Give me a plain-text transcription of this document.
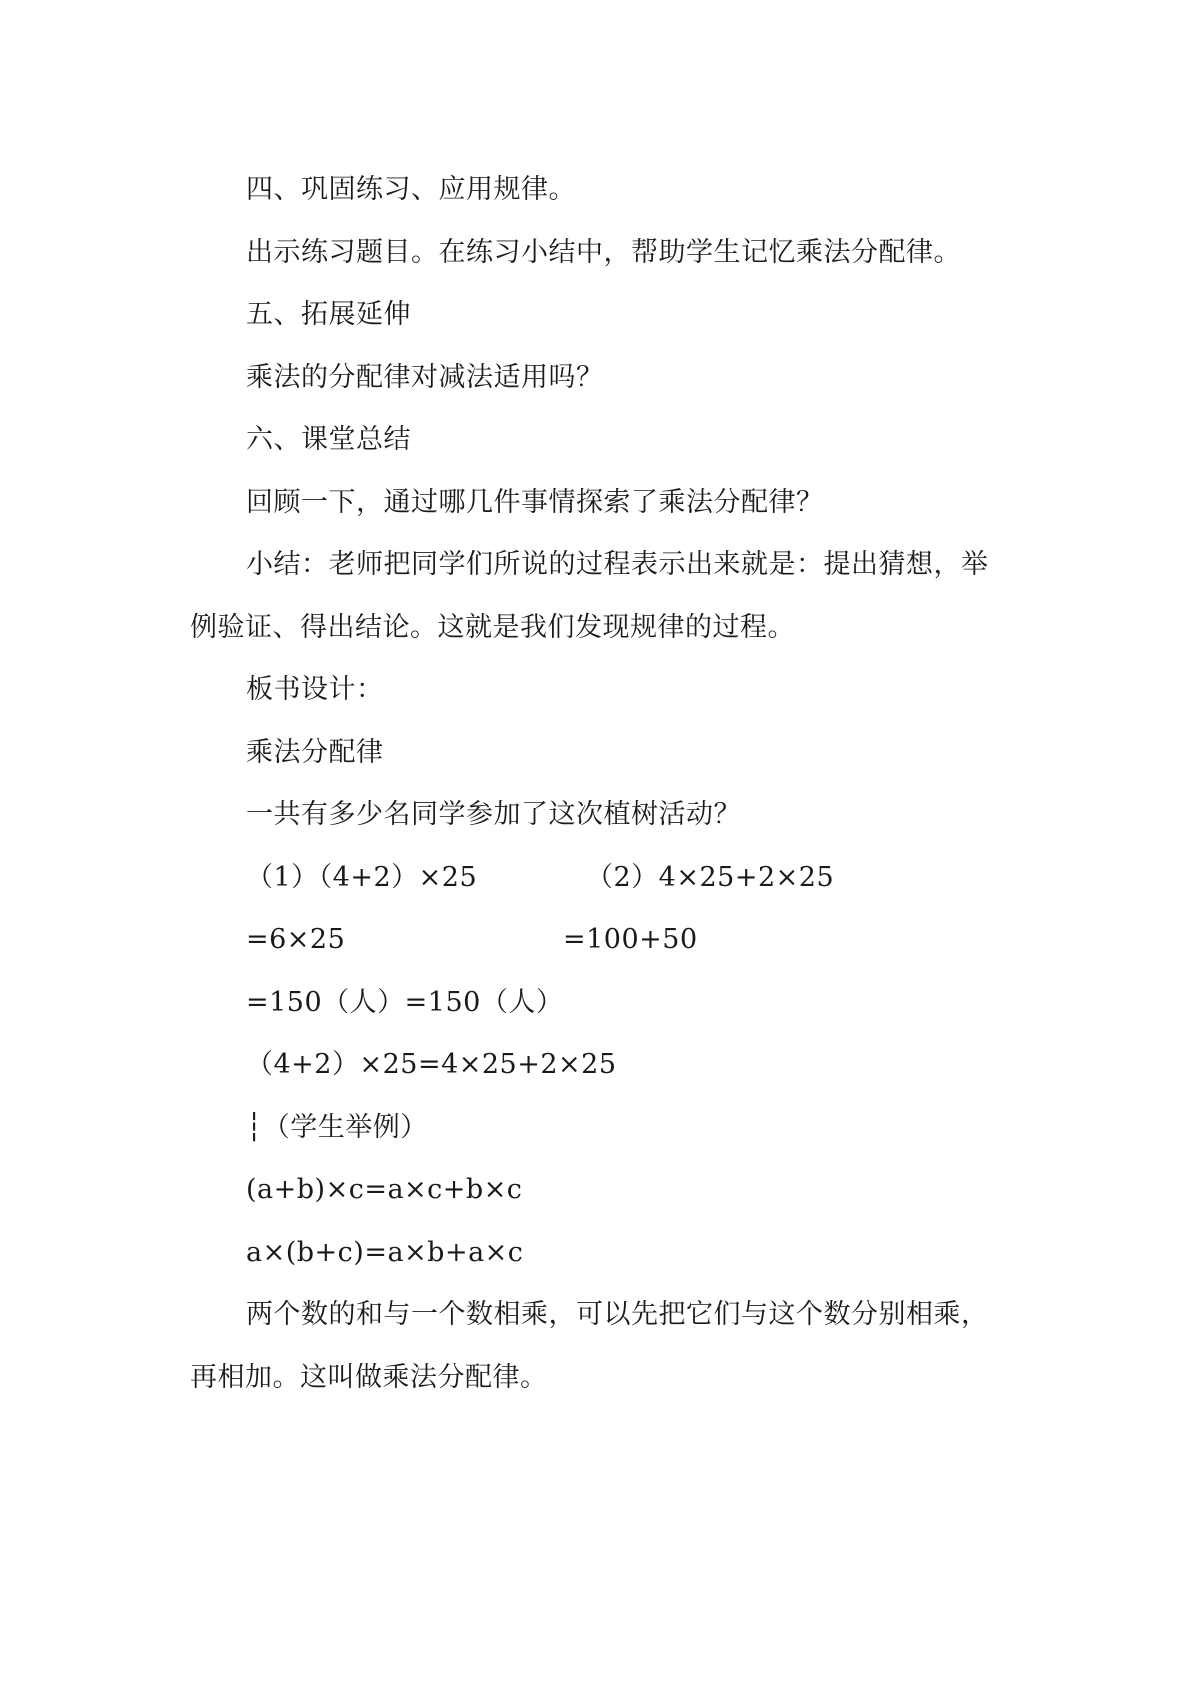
四、巩固练习、应用规律。
出示练习题目。在练习小结中，帮助学生记忆乘法分配律。
五、拓展延伸
乘法的分配律对减法适用吗？
六、课堂总结
回顾一下，通过哪几件事情探索了乘法分配律？
小结：老师把同学们所说的过程表示出来就是：提出猜想，举
例验证、得出结论。这就是我们发现规律的过程。
板书设计：
乘法分配律
一共有多少名同学参加了这次植树活动？
（1）（4+2）×25	（2）4×25+2×25
=6×25	=100+50
=150（人）=150（人）
（4+2）×25=4×25+2×25
┆（学生举例）
(a+b)×c=a×c+b×c
a×(b+c)=a×b+a×c
两个数的和与一个数相乘，可以先把它们与这个数分别相乘，
再相加。这叫做乘法分配律。
